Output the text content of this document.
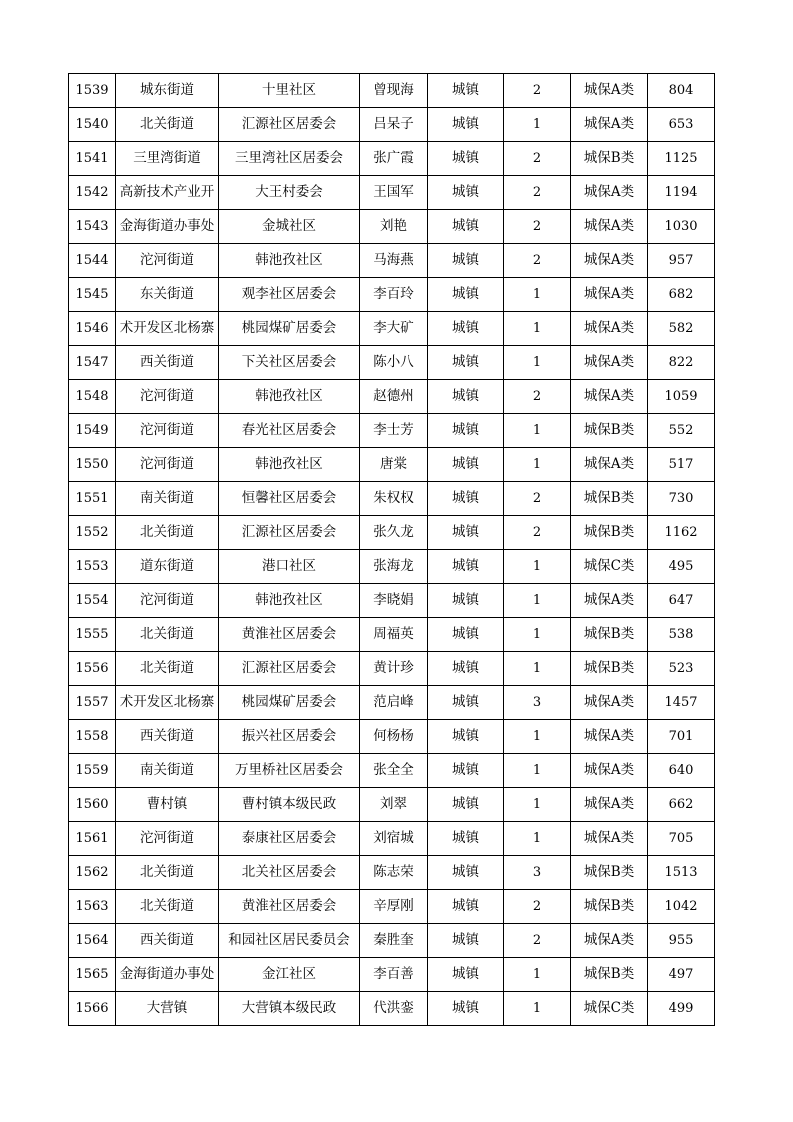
1539	城东街道	十里社区	曾现海	城镇	2	城保A类	804
1540	北关街道	汇源社区居委会	吕呆子	城镇	1	城保A类	653
1541	三里湾街道	三里湾社区居委会	张广霞	城镇	2	城保B类	1125
1542	高新技术产业开	大王村委会	王国军	城镇	2	城保A类	1194
1543	金海街道办事处	金城社区	刘艳	城镇	2	城保A类	1030
1544	沱河街道	韩池孜社区	马海燕	城镇	2	城保A类	957
1545	东关街道	观李社区居委会	李百玲	城镇	1	城保A类	682
1546	术开发区北杨寨	桃园煤矿居委会	李大矿	城镇	1	城保A类	582
1547	西关街道	下关社区居委会	陈小八	城镇	1	城保A类	822
1548	沱河街道	韩池孜社区	赵德州	城镇	2	城保A类	1059
1549	沱河街道	春光社区居委会	李士芳	城镇	1	城保B类	552
1550	沱河街道	韩池孜社区	唐棠	城镇	1	城保A类	517
1551	南关街道	恒馨社区居委会	朱权权	城镇	2	城保B类	730
1552	北关街道	汇源社区居委会	张久龙	城镇	2	城保B类	1162
1553	道东街道	港口社区	张海龙	城镇	1	城保C类	495
1554	沱河街道	韩池孜社区	李晓娟	城镇	1	城保A类	647
1555	北关街道	黄淮社区居委会	周福英	城镇	1	城保B类	538
1556	北关街道	汇源社区居委会	黄计珍	城镇	1	城保B类	523
1557	术开发区北杨寨	桃园煤矿居委会	范启峰	城镇	3	城保A类	1457
1558	西关街道	振兴社区居委会	何杨杨	城镇	1	城保A类	701
1559	南关街道	万里桥社区居委会	张全全	城镇	1	城保A类	640
1560	曹村镇	曹村镇本级民政	刘翠	城镇	1	城保A类	662
1561	沱河街道	泰康社区居委会	刘宿城	城镇	1	城保A类	705
1562	北关街道	北关社区居委会	陈志荣	城镇	3	城保B类	1513
1563	北关街道	黄淮社区居委会	辛厚刚	城镇	2	城保B类	1042
1564	西关街道	和园社区居民委员会	秦胜奎	城镇	2	城保A类	955
1565	金海街道办事处	金江社区	李百善	城镇	1	城保B类	497
1566	大营镇	大营镇本级民政	代洪銮	城镇	1	城保C类	499
